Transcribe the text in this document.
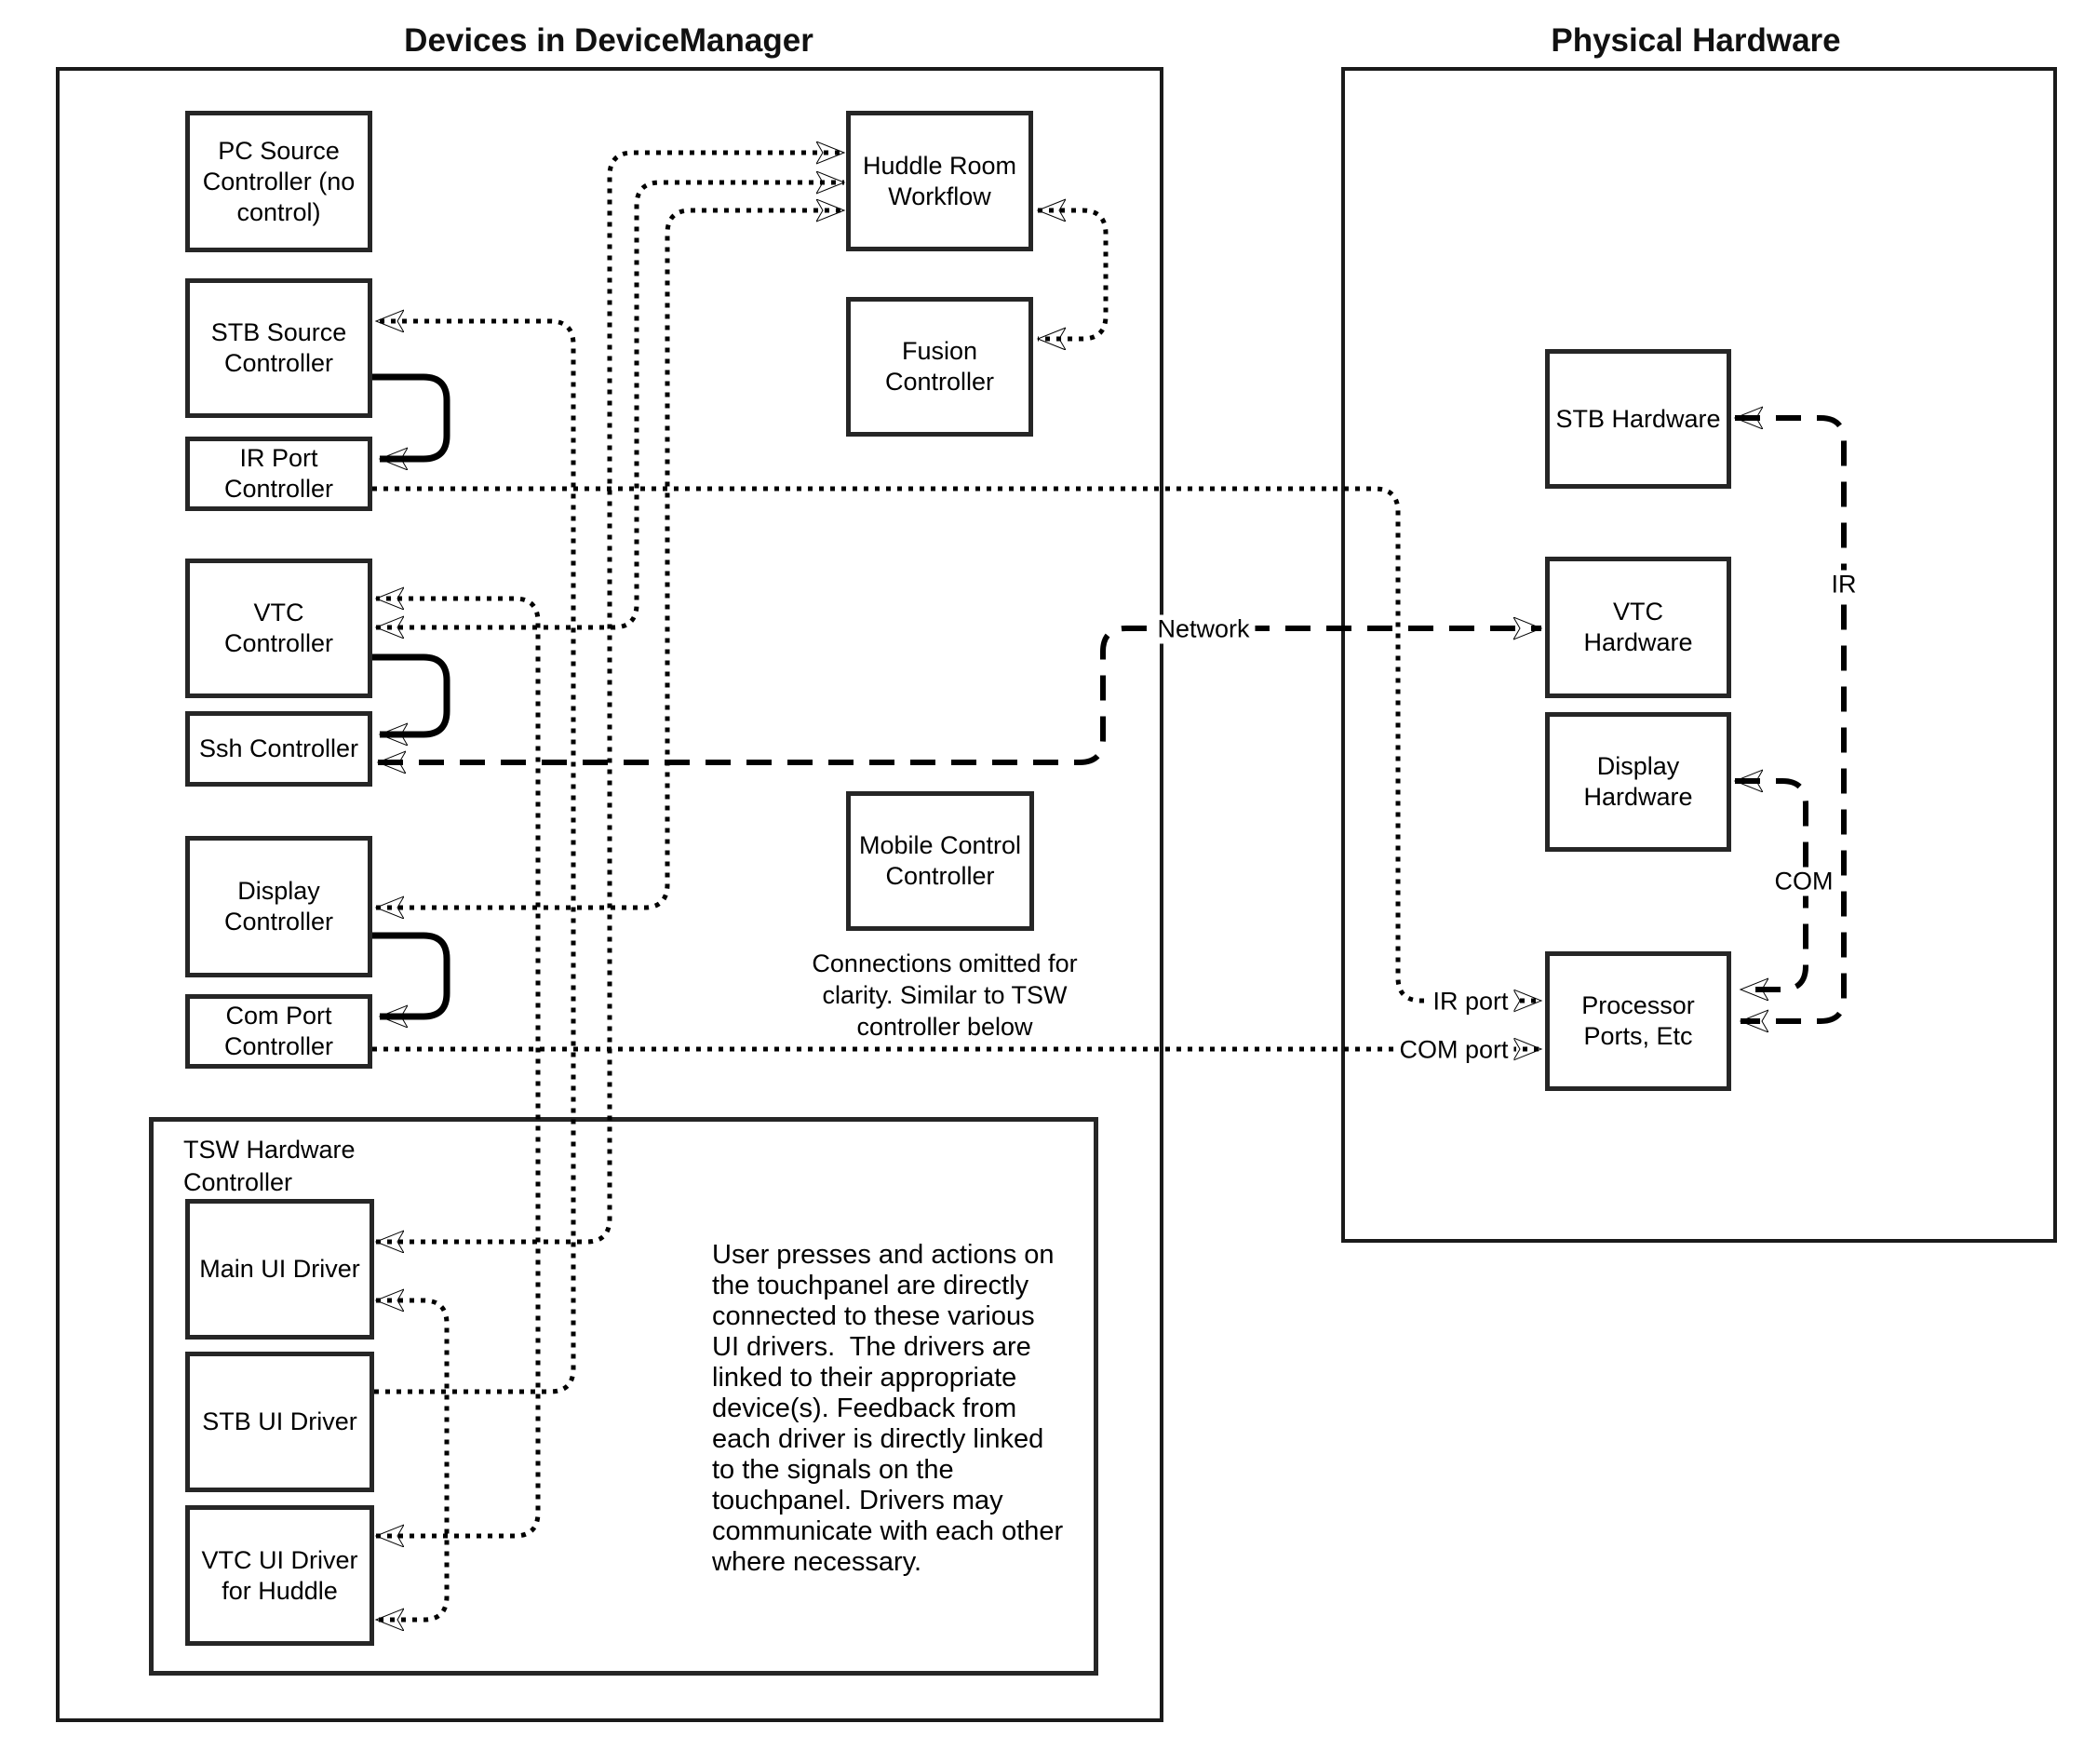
Devices in DeviceManager	Physical Hardware
TSW Hardware Controller
PC Source Controller (no control)
STB Source Controller
IR Port Controller
VTC Controller
Ssh Controller
Display Controller
Com Port Controller
Huddle Room Workflow
Fusion Controller
Mobile Control Controller
Main UI Driver
STB UI Driver
VTC UI Driver for Huddle
STB Hardware
VTC Hardware
Display Hardware
Processor Ports, Etc
Connections omitted for clarity. Similar to TSW controller below
User presses and actions on the touchpanel are directly connected to these various UI drivers.  The drivers are linked to their appropriate device(s). Feedback from each driver is directly linked to the signals on the touchpanel. Drivers may communicate with each other where necessary.
Network
IR
COM
IR port
COM port
